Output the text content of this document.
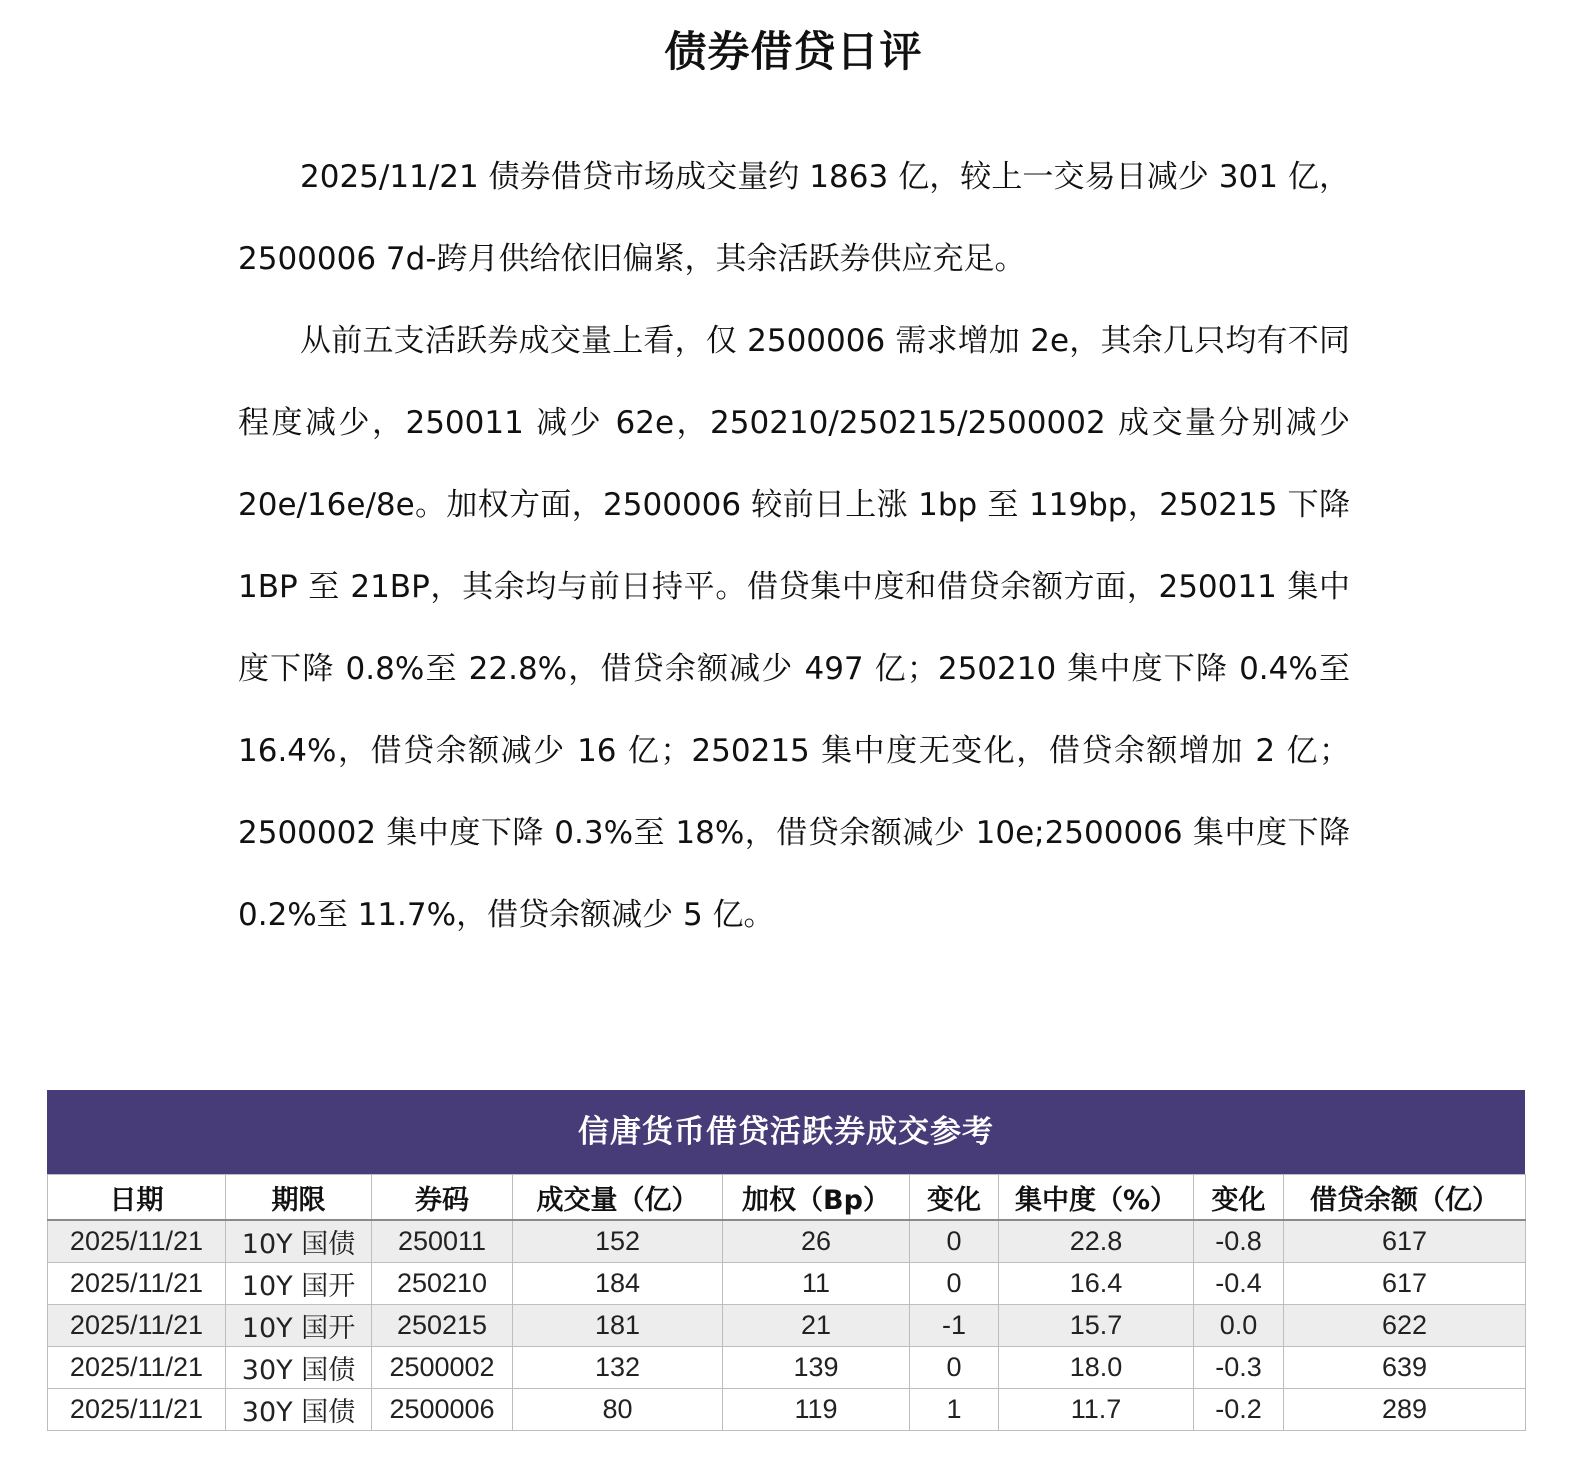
债券借贷日评

2025/11/21 债券借贷市场成交量约 1863 亿，较上一交易日减少 301 亿，2500006 7d-跨月供给依旧偏紧，其余活跃券供应充足。

从前五支活跃券成交量上看，仅 2500006 需求增加 2e，其余几只均有不同程度减少，250011 减少 62e，250210/250215/2500002 成交量分别减少 20e/16e/8e。加权方面，2500006 较前日上涨 1bp 至 119bp，250215 下降 1BP 至 21BP，其余均与前日持平。借贷集中度和借贷余额方面，250011 集中度下降 0.8%至 22.8%，借贷余额减少 497 亿；250210 集中度下降 0.4%至 16.4%，借贷余额减少 16 亿；250215 集中度无变化，借贷余额增加 2 亿；2500002 集中度下降 0.3%至 18%，借贷余额减少 10e;2500006 集中度下降 0.2%至 11.7%，借贷余额减少 5 亿。

信唐货币借贷活跃券成交参考
日期	期限	券码	成交量（亿）	加权（Bp）	变化	集中度（%）	变化	借贷余额（亿）
2025/11/21	10Y 国债	250011	152	26	0	22.8	-0.8	617
2025/11/21	10Y 国开	250210	184	11	0	16.4	-0.4	617
2025/11/21	10Y 国开	250215	181	21	-1	15.7	0.0	622
2025/11/21	30Y 国债	2500002	132	139	0	18.0	-0.3	639
2025/11/21	30Y 国债	2500006	80	119	1	11.7	-0.2	289
